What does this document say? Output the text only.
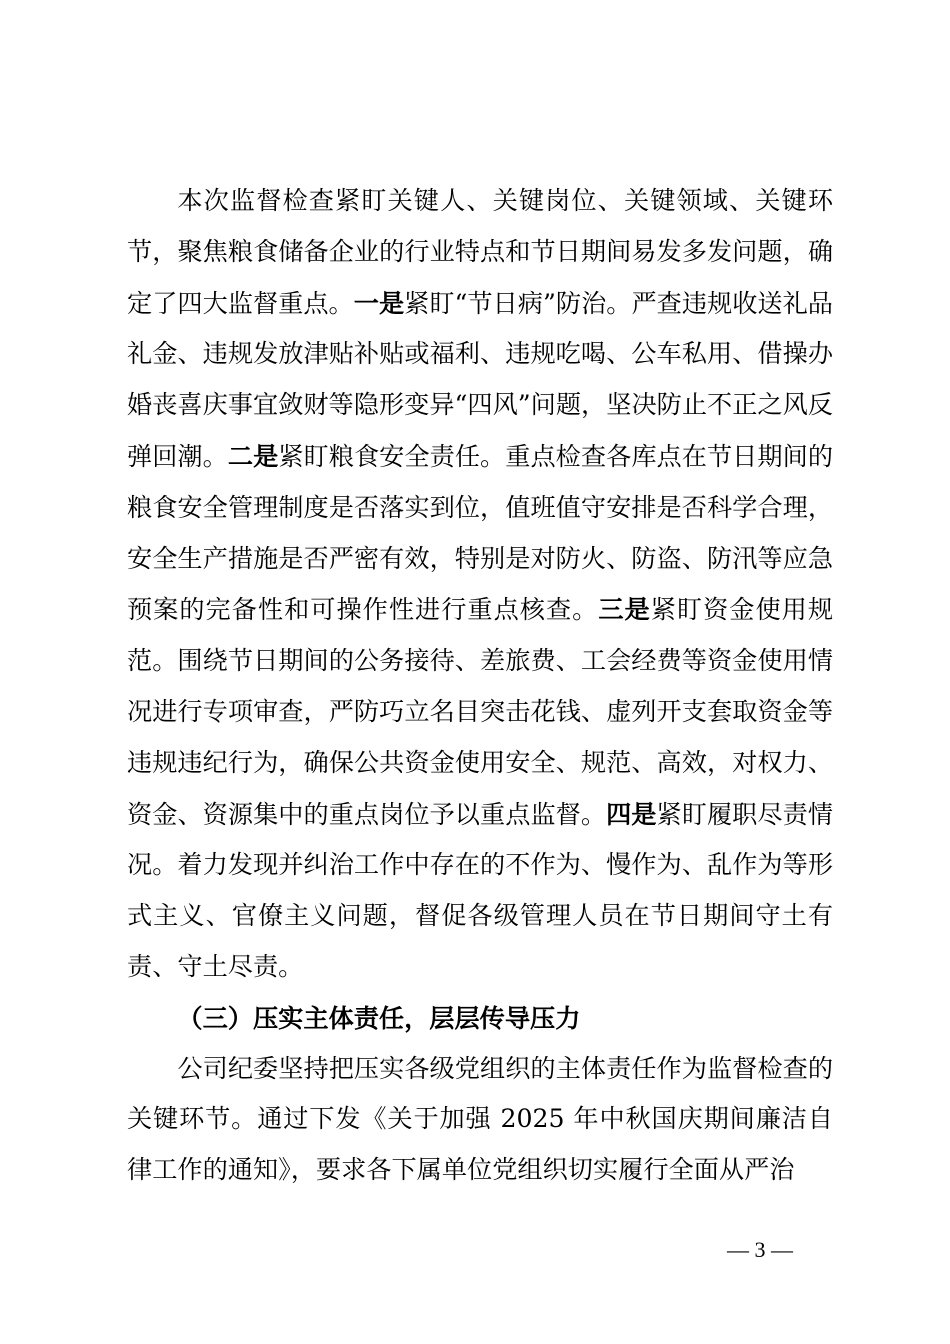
本次监督检查紧盯关键人、关键岗位、关键领域、关键环节，聚焦粮食储备企业的行业特点和节日期间易发多发问题，确定了四大监督重点。一是紧盯“节日病”防治。严查违规收送礼品礼金、违规发放津贴补贴或福利、违规吃喝、公车私用、借操办婚丧喜庆事宜敛财等隐形变异“四风”问题，坚决防止不正之风反弹回潮。二是紧盯粮食安全责任。重点检查各库点在节日期间的粮食安全管理制度是否落实到位，值班值守安排是否科学合理，安全生产措施是否严密有效，特别是对防火、防盗、防汛等应急预案的完备性和可操作性进行重点核查。三是紧盯资金使用规范。围绕节日期间的公务接待、差旅费、工会经费等资金使用情况进行专项审查，严防巧立名目突击花钱、虚列开支套取资金等违规违纪行为，确保公共资金使用安全、规范、高效，对权力、资金、资源集中的重点岗位予以重点监督。四是紧盯履职尽责情况。着力发现并纠治工作中存在的不作为、慢作为、乱作为等形式主义、官僚主义问题，督促各级管理人员在节日期间守土有责、守土尽责。

（三）压实主体责任，层层传导压力

公司纪委坚持把压实各级党组织的主体责任作为监督检查的关键环节。通过下发《关于加强 2025 年中秋国庆期间廉洁自律工作的通知》，要求各下属单位党组织切实履行全面从严治

— 3 —
